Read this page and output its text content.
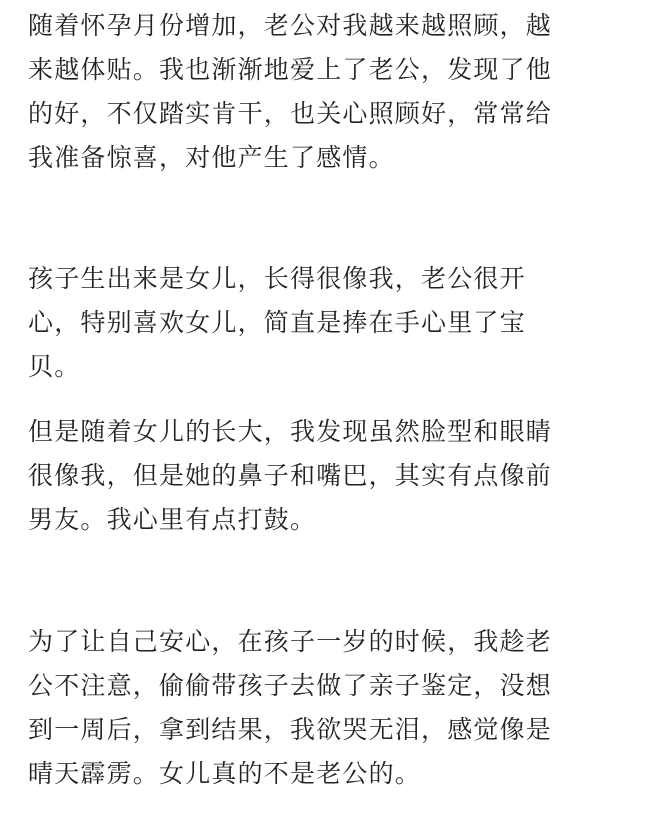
随着怀孕月份增加，老公对我越来越照顾，越
来越体贴。我也渐渐地爱上了老公，发现了他
的好，不仅踏实肯干，也关心照顾好，常常给
我准备惊喜，对他产生了感情。

孩子生出来是女儿，长得很像我，老公很开
心，特别喜欢女儿，简直是捧在手心里了宝
贝。

但是随着女儿的长大，我发现虽然脸型和眼睛
很像我，但是她的鼻子和嘴巴，其实有点像前
男友。我心里有点打鼓。

为了让自己安心，在孩子一岁的时候，我趁老
公不注意，偷偷带孩子去做了亲子鉴定，没想
到一周后，拿到结果，我欲哭无泪，感觉像是
晴天霹雳。女儿真的不是老公的。
